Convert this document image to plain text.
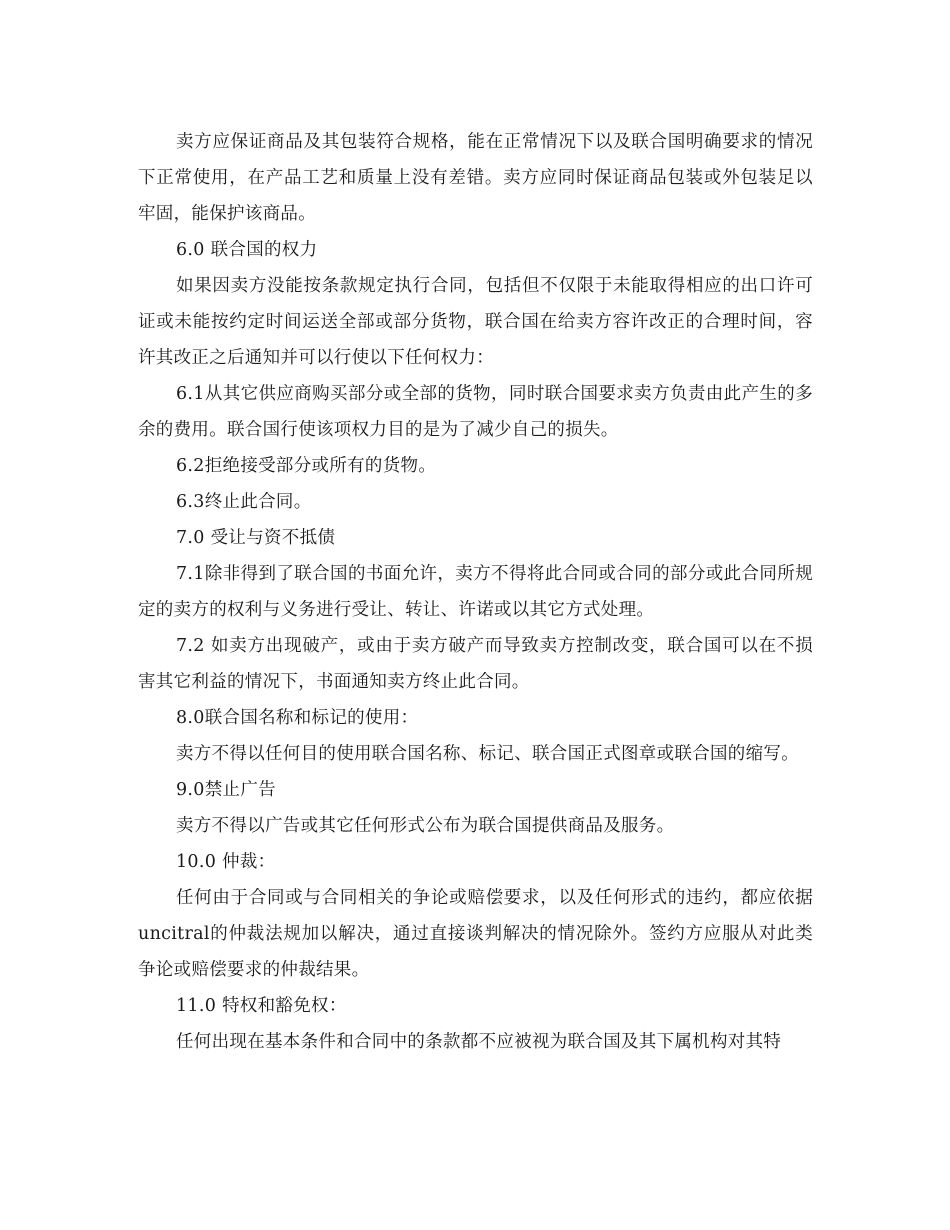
卖方应保证商品及其包装符合规格，能在正常情况下以及联合国明确要求的情况下正常使用，在产品工艺和质量上没有差错。卖方应同时保证商品包装或外包装足以牢固，能保护该商品。

6.0 联合国的权力

如果因卖方没能按条款规定执行合同，包括但不仅限于未能取得相应的出口许可证或未能按约定时间运送全部或部分货物，联合国在给卖方容许改正的合理时间，容许其改正之后通知并可以行使以下任何权力：

6.1从其它供应商购买部分或全部的货物，同时联合国要求卖方负责由此产生的多余的费用。联合国行使该项权力目的是为了减少自己的损失。

6.2拒绝接受部分或所有的货物。

6.3终止此合同。

7.0 受让与资不抵债

7.1除非得到了联合国的书面允许，卖方不得将此合同或合同的部分或此合同所规定的卖方的权利与义务进行受让、转让、许诺或以其它方式处理。

7.2 如卖方出现破产，或由于卖方破产而导致卖方控制改变，联合国可以在不损害其它利益的情况下，书面通知卖方终止此合同。

8.0联合国名称和标记的使用：

卖方不得以任何目的使用联合国名称、标记、联合国正式图章或联合国的缩写。

9.0禁止广告

卖方不得以广告或其它任何形式公布为联合国提供商品及服务。

10.0 仲裁：

任何由于合同或与合同相关的争论或赔偿要求，以及任何形式的违约，都应依据uncitral的仲裁法规加以解决，通过直接谈判解决的情况除外。签约方应服从对此类争论或赔偿要求的仲裁结果。

11.0 特权和豁免权：

任何出现在基本条件和合同中的条款都不应被视为联合国及其下属机构对其特
